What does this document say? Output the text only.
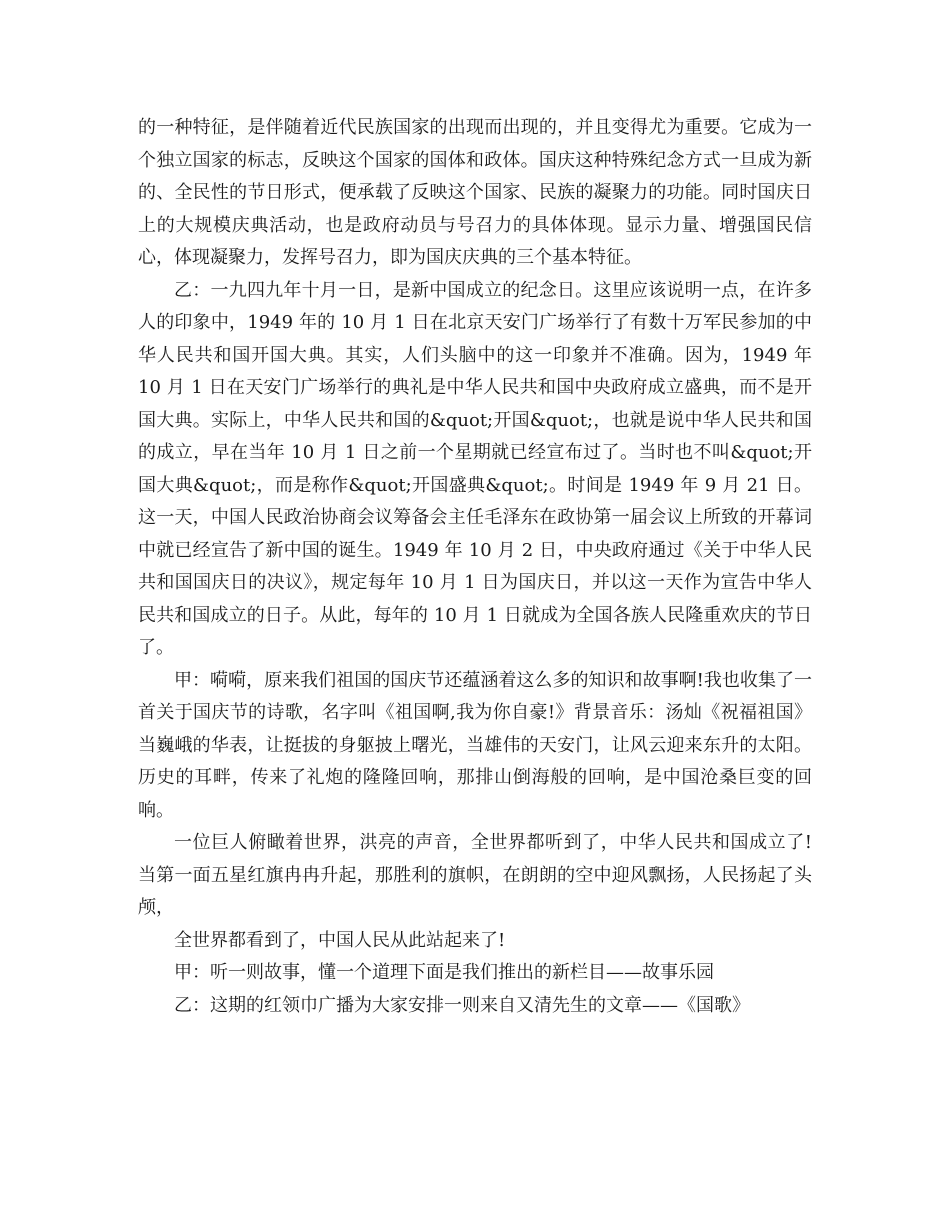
的一种特征，是伴随着近代民族国家的出现而出现的，并且变得尤为重要。它成为一个独立国家的标志，反映这个国家的国体和政体。国庆这种特殊纪念方式一旦成为新的、全民性的节日形式，便承载了反映这个国家、民族的凝聚力的功能。同时国庆日上的大规模庆典活动，也是政府动员与号召力的具体体现。显示力量、增强国民信心，体现凝聚力，发挥号召力，即为国庆庆典的三个基本特征。

乙：一九四九年十月一日，是新中国成立的纪念日。这里应该说明一点，在许多人的印象中，1949 年的 10 月 1 日在北京天安门广场举行了有数十万军民参加的中华人民共和国开国大典。其实，人们头脑中的这一印象并不准确。因为，1949 年 10 月 1 日在天安门广场举行的典礼是中华人民共和国中央政府成立盛典，而不是开国大典。实际上，中华人民共和国的&quot;开国&quot;，也就是说中华人民共和国的成立，早在当年 10 月 1 日之前一个星期就已经宣布过了。当时也不叫&quot;开国大典&quot;，而是称作&quot;开国盛典&quot;。时间是 1949 年 9 月 21 日。这一天，中国人民政治协商会议筹备会主任毛泽东在政协第一届会议上所致的开幕词中就已经宣告了新中国的诞生。1949 年 10 月 2 日，中央政府通过《关于中华人民共和国国庆日的决议》，规定每年 10 月 1 日为国庆日，并以这一天作为宣告中华人民共和国成立的日子。从此，每年的 10 月 1 日就成为全国各族人民隆重欢庆的节日了。

甲：嗬嗬，原来我们祖国的国庆节还蕴涵着这么多的知识和故事啊!我也收集了一首关于国庆节的诗歌，名字叫《祖国啊,我为你自豪!》背景音乐：汤灿《祝福祖国》 当巍峨的华表，让挺拔的身躯披上曙光，当雄伟的天安门，让风云迎来东升的太阳。 历史的耳畔，传来了礼炮的隆隆回响，那排山倒海般的回响，是中国沧桑巨变的回响。

一位巨人俯瞰着世界，洪亮的声音，全世界都听到了，中华人民共和国成立了! 当第一面五星红旗冉冉升起，那胜利的旗帜，在朗朗的空中迎风飘扬，人民扬起了头颅，

全世界都看到了，中国人民从此站起来了!

甲：听一则故事，懂一个道理下面是我们推出的新栏目——故事乐园

乙：这期的红领巾广播为大家安排一则来自又清先生的文章——《国歌》
